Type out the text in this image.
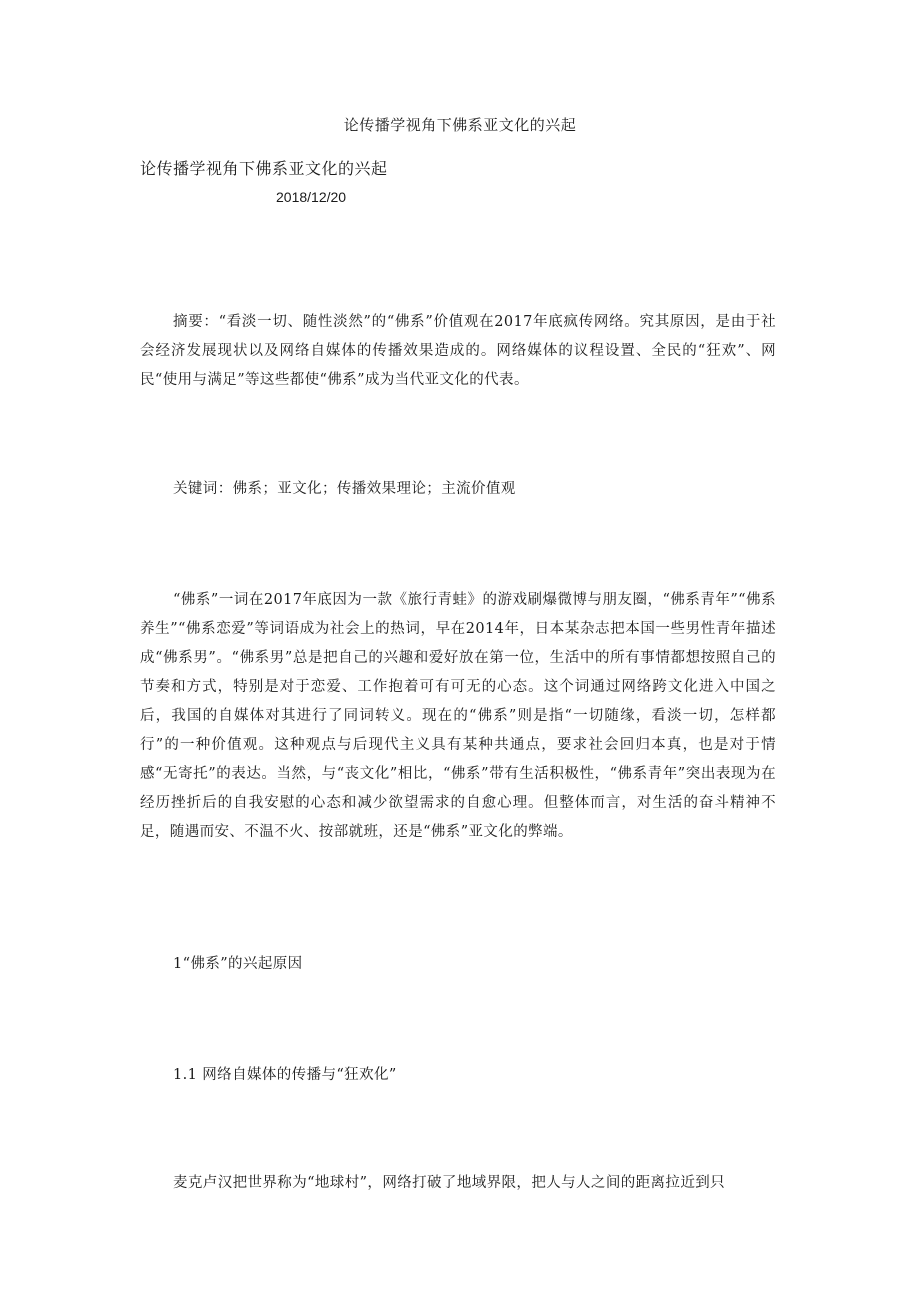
论传播学视角下佛系亚文化的兴起
论传播学视角下佛系亚文化的兴起
2018/12/20

摘要：“看淡一切、随性淡然”的“佛系”价值观在2017年底疯传网络。究其原因，是由于社会经济发展现状以及网络自媒体的传播效果造成的。网络媒体的议程设置、全民的“狂欢”、网民“使用与满足”等这些都使“佛系”成为当代亚文化的代表。

关键词：佛系；亚文化；传播效果理论；主流价值观

“佛系”一词在2017年底因为一款《旅行青蛙》的游戏刷爆微博与朋友圈，“佛系青年”“佛系养生”“佛系恋爱”等词语成为社会上的热词，早在2014年，日本某杂志把本国一些男性青年描述成“佛系男”。“佛系男”总是把自己的兴趣和爱好放在第一位，生活中的所有事情都想按照自己的节奏和方式，特别是对于恋爱、工作抱着可有可无的心态。这个词通过网络跨文化进入中国之后，我国的自媒体对其进行了同词转义。现在的“佛系”则是指“一切随缘，看淡一切，怎样都行”的一种价值观。这种观点与后现代主义具有某种共通点，要求社会回归本真，也是对于情感“无寄托”的表达。当然，与“丧文化”相比，“佛系”带有生活积极性，“佛系青年”突出表现为在经历挫折后的自我安慰的心态和减少欲望需求的自愈心理。但整体而言，对生活的奋斗精神不足，随遇而安、不温不火、按部就班，还是“佛系”亚文化的弊端。

1“佛系”的兴起原因

1.1 网络自媒体的传播与“狂欢化”

麦克卢汉把世界称为“地球村”，网络打破了地域界限，把人与人之间的距离拉近到只
